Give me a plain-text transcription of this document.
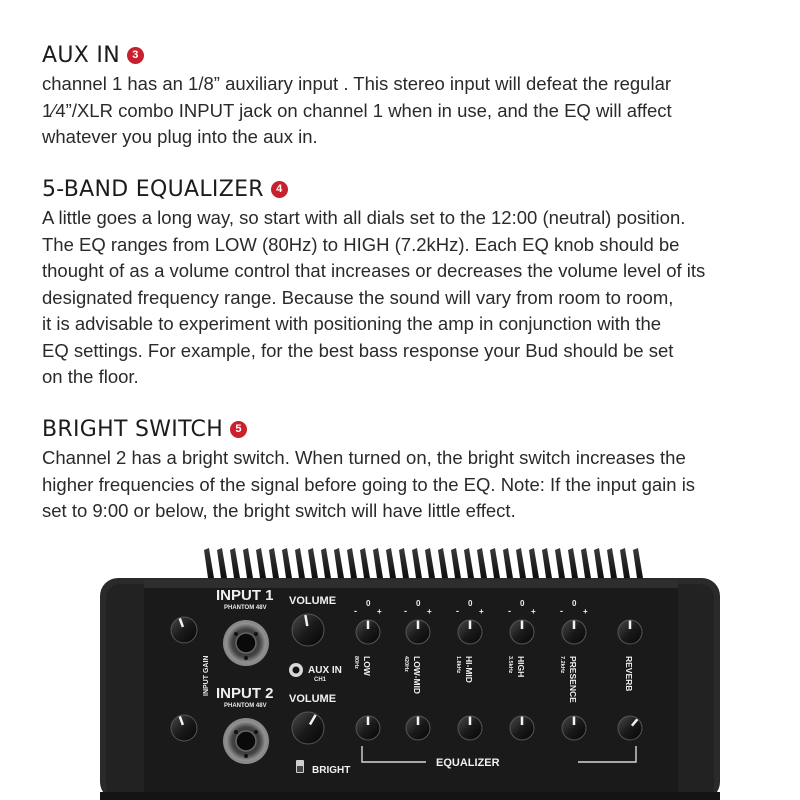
AUX IN	3
channel 1 has an 1/8” auxiliary input . This stereo input will defeat the regular
1⁄4”/XLR combo INPUT jack on channel 1 when in use, and the EQ will affect
whatever you plug into the aux in.
5-BAND EQUALIZER	4
A little goes a long way, so start with all dials set to the 12:00 (neutral) position.
The EQ ranges from LOW (80Hz) to HIGH (7.2kHz). Each EQ knob should be
thought of as a volume control that increases or decreases the volume level of its
designated frequency range. Because the sound will vary from room to room,
it is advisable to experiment with positioning the amp in conjunction with the
EQ settings. For example, for the best bass response your Bud should be set
on the floor.
BRIGHT SWITCH	5
Channel 2 has a bright switch. When turned on, the bright switch increases the
higher frequencies of the signal before going to the EQ. Note: If the input gain is
set to 9:00 or below, the bright switch will have little effect.
INPUT 1
PHANTOM 48V
VOLUME
INPUT 2
PHANTOM 48V
VOLUME
INPUT GAIN	AUX IN
CH1
BRIGHT
0
-	+
0
-	+
0
-	+
0
-	+
0
-	+
LOW
80Hz	LOW-MID
420Hz	HI-MID
1.8kHz	HIGH
3.5kHz	PRESENCE
7.2kHz	REVERB
EQUALIZER
